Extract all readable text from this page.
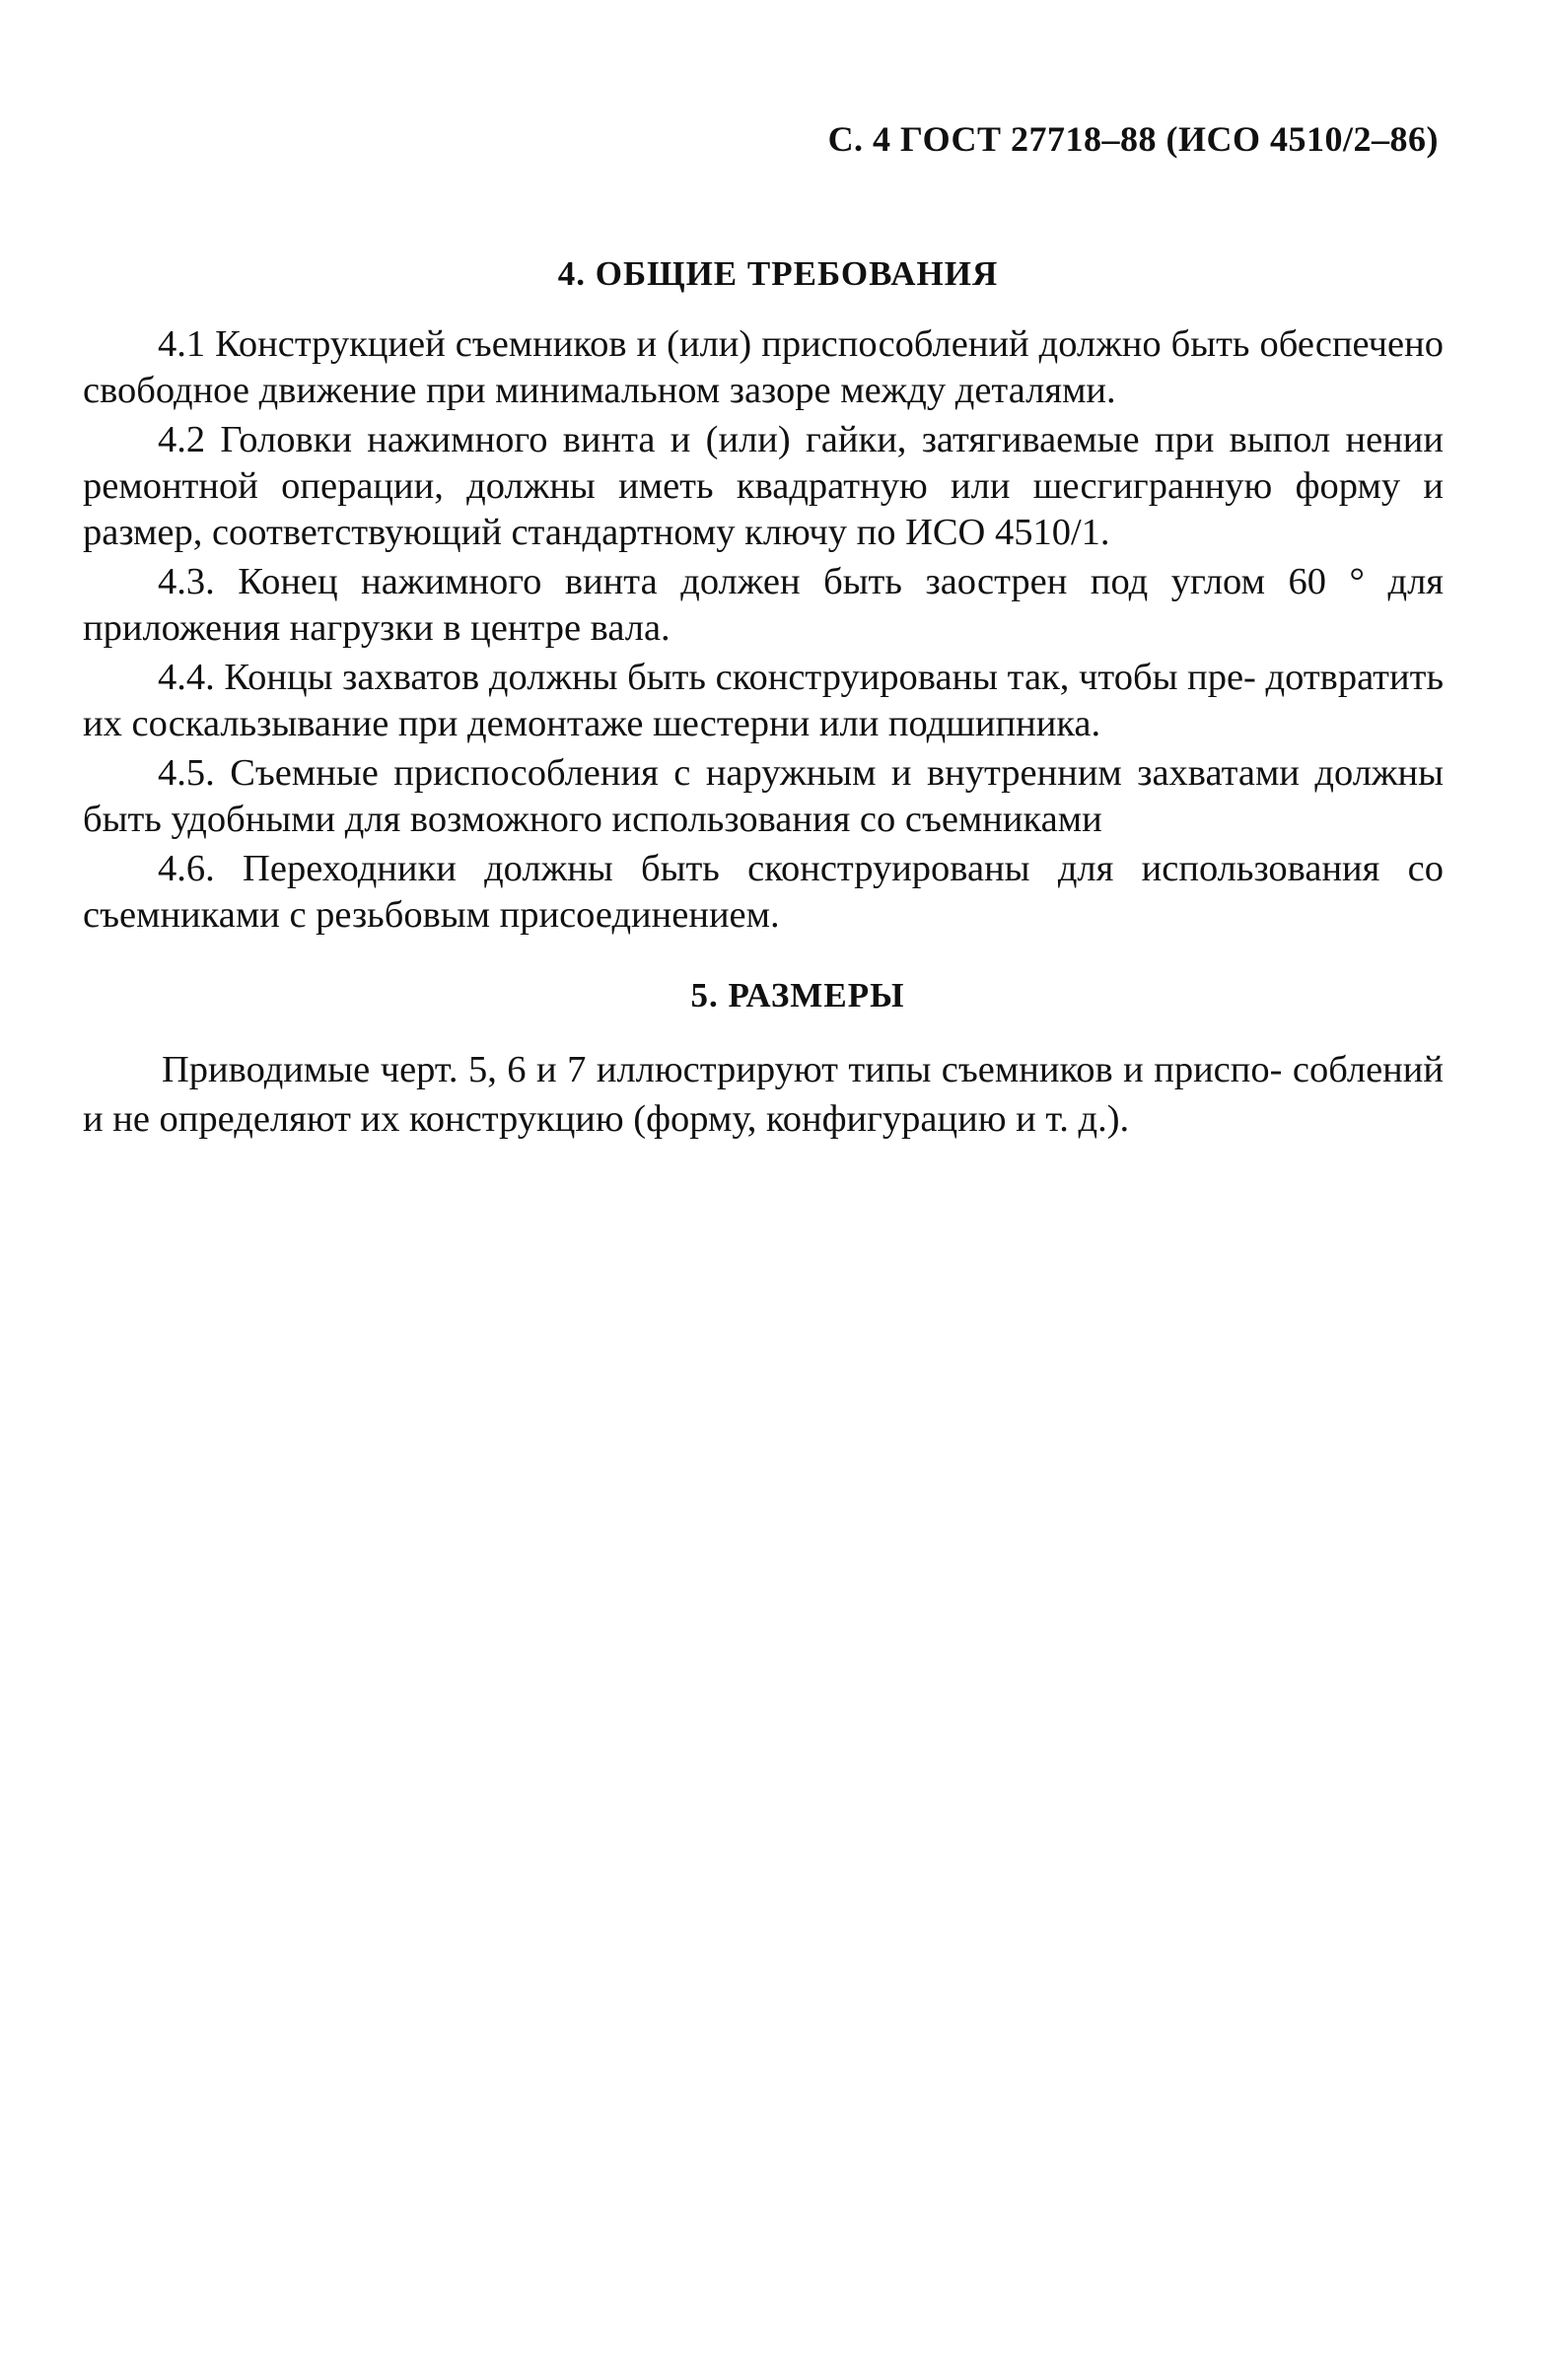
С. 4 ГОСТ 27718–88 (ИСО 4510/2–86)
4. ОБЩИЕ ТРЕБОВАНИЯ

4.1 Конструкцией съемников и (или) приспособлений должно быть обеспечено свободное движение при минимальном зазоре между деталями.

4.2 Головки нажимного винта и (или) гайки, затягиваемые при выпол нении ремонтной операции, должны иметь квадратную или шесгигранную форму и размер, соответствующий стандартному ключу по ИСО 4510/1.

4.3. Конец нажимного винта должен быть заострен под углом 60 ° для приложения нагрузки в центре вала.

4.4. Концы захватов должны быть сконструированы так, чтобы пре- дотвратить их соскальзывание при демонтаже шестерни или подшипника.

4.5. Съемные приспособления с наружным и внутренним захватами должны быть удобными для возможного использования со съемниками

4.6. Переходники должны быть сконструированы для использования со съемниками с резьбовым присоединением.

5. РАЗМЕРЫ

Приводимые черт. 5, 6 и 7 иллюстрируют типы съемников и приспо- соблений и не определяют их конструкцию (форму, конфигурацию и т. д.).
